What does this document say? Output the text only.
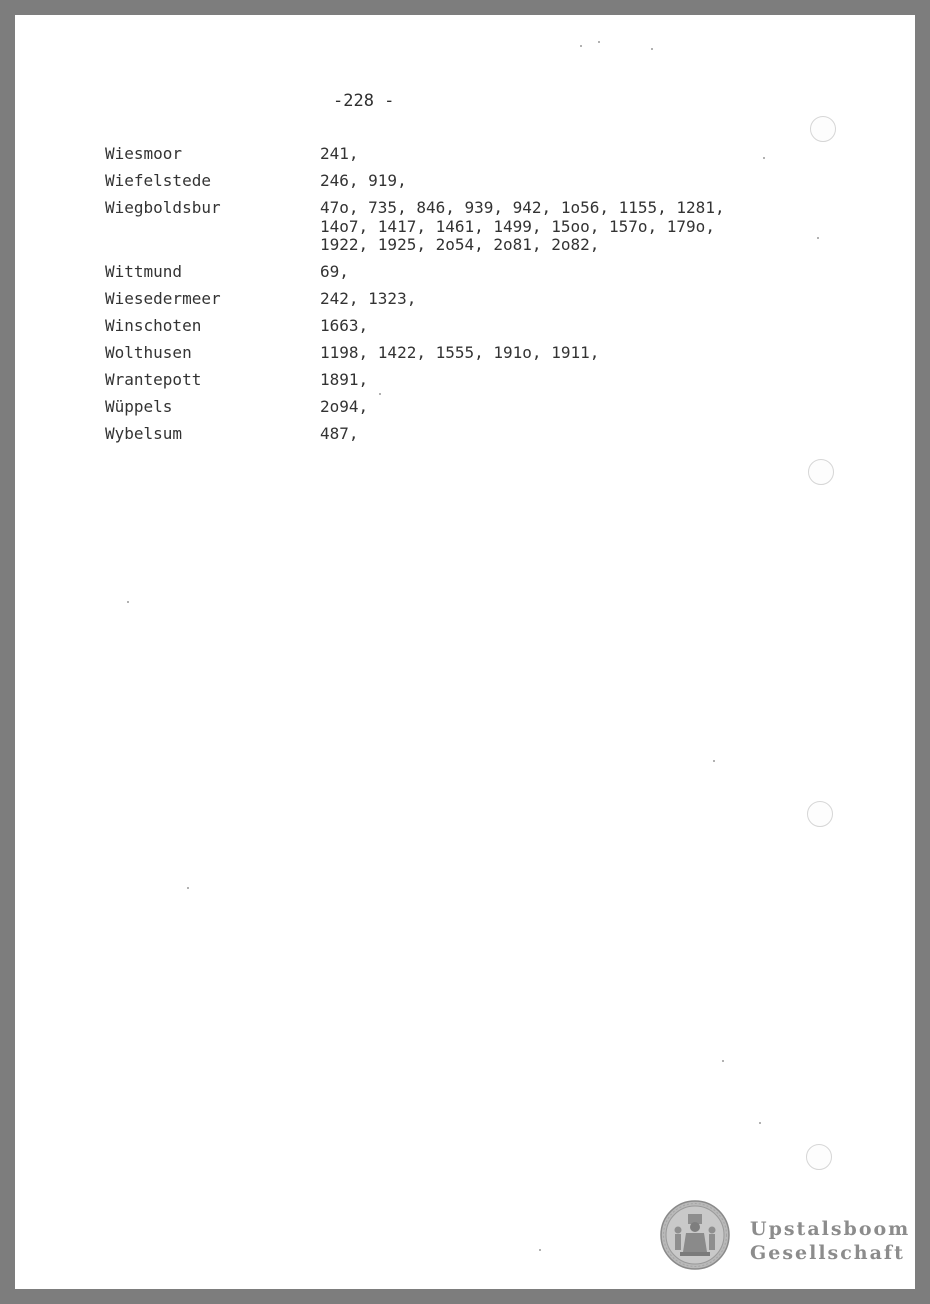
-228 -
Wiesmoor	241,
Wiefelstede	246, 919,
Wiegboldsbur	47o, 735, 846, 939, 942, 1o56, 1155, 1281,
14o7, 1417, 1461, 1499, 15oo, 157o, 179o,
1922, 1925, 2o54, 2o81, 2o82,
Wittmund	69,
Wiesedermeer	242, 1323,
Winschoten	1663,
Wolthusen	1198, 1422, 1555, 191o, 1911,
Wrantepott	1891,
Wüppels	2o94,
Wybelsum	487,
Upstalsboom
Gesellschaft
